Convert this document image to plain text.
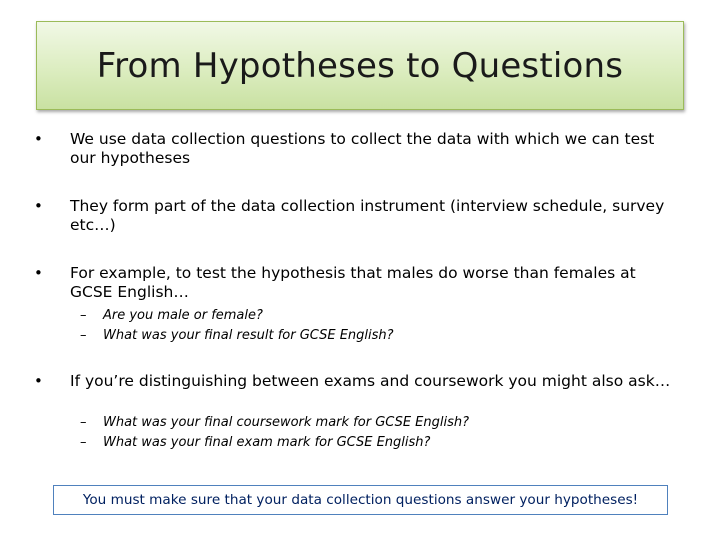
From Hypotheses to Questions
•	We use data collection questions to collect the data with which we can test our hypotheses
•	They form part of the data collection instrument (interview schedule, survey etc…)
•	For example, to test the hypothesis that males do worse than females at GCSE English…
–	Are you male or female?
–	What was your final result for GCSE English?
•	If you’re distinguishing between exams and coursework you might also ask…
–	What was your final coursework mark for GCSE English?
–	What was your final exam mark for GCSE English?
You must make sure that your data collection questions answer your hypotheses!
